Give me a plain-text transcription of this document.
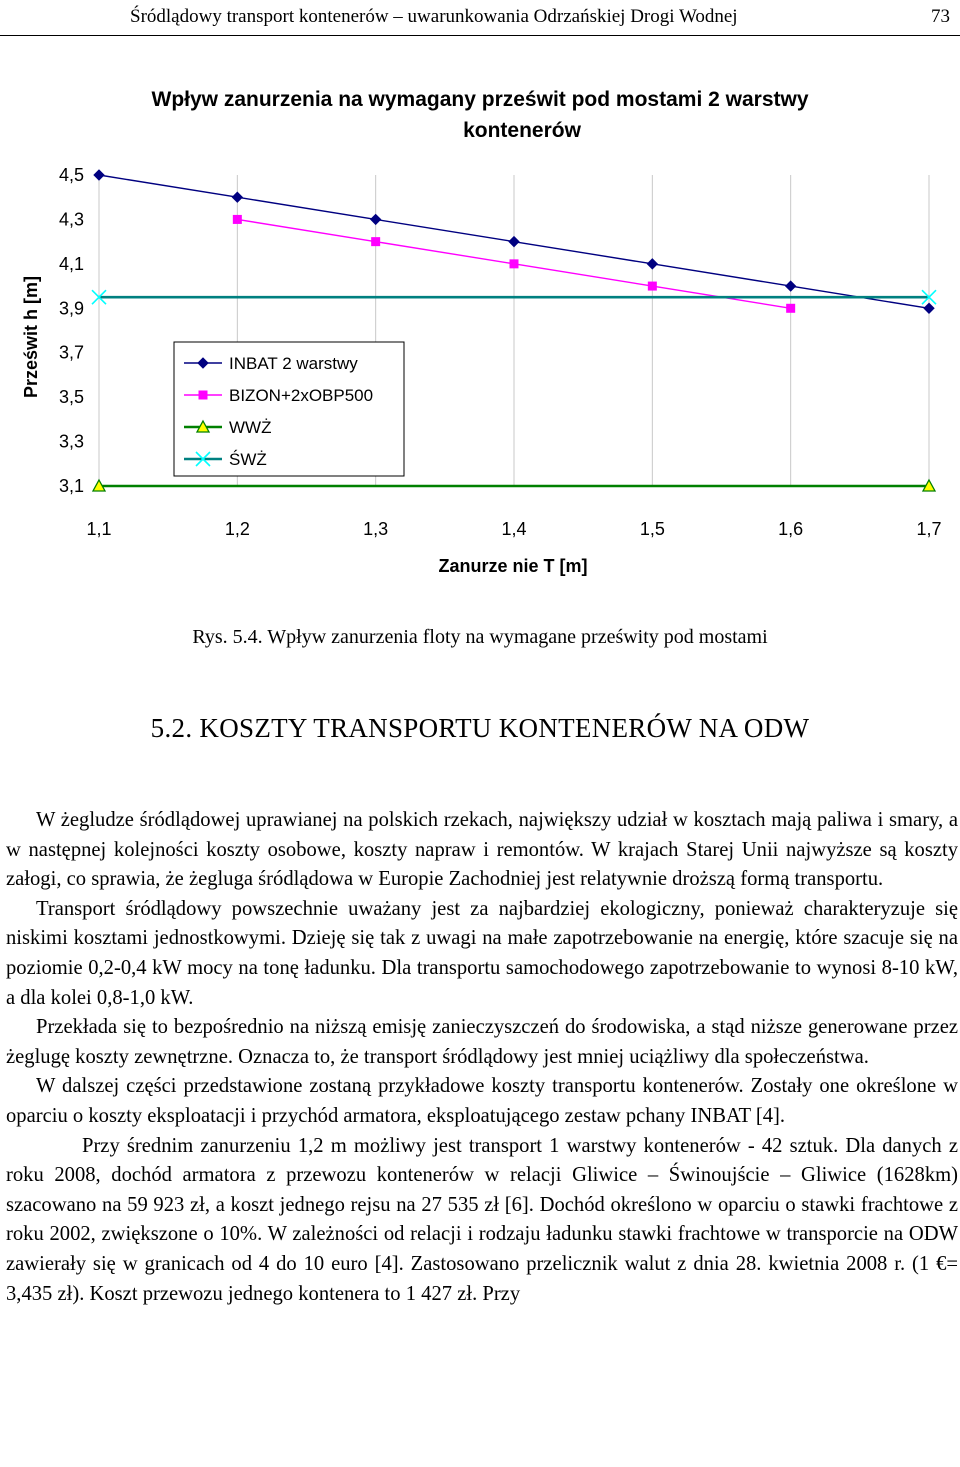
Śródlądowy transport kontenerów – uwarunkowania Odrzańskiej Drogi Wodnej	73
Wpływ zanurzenia na wymagany prześwit pod mostami 2 warstwy
kontenerów
Prześwit h [m]
Zanurze nie T [m]
1,1	1,2	1,3	1,4	1,5	1,6	1,7
3,1
3,3
3,5
3,7
3,9
4,1
4,3
4,5
INBAT 2 warstwy
BIZON+2xOBP500
WWŻ
ŚWŻ
Rys. 5.4. Wpływ zanurzenia floty na wymagane prześwity pod mostami
5.2. KOSZTY TRANSPORTU KONTENERÓW NA ODW

W żegludze śródlądowej uprawianej na polskich rzekach, największy udział w kosztach mają paliwa i smary, a w następnej kolejności koszty osobowe, koszty napraw i remontów. W krajach Starej Unii najwyższe są koszty załogi, co sprawia, że żegluga śródlądowa w Europie Zachodniej jest relatywnie droższą formą transportu.

Transport śródlądowy powszechnie uważany jest za najbardziej ekologiczny, ponieważ charakteryzuje się niskimi kosztami jednostkowymi. Dzieję się tak z uwagi na małe zapotrzebowanie na energię, które szacuje się na poziomie 0,2-0,4 kW mocy na tonę ładunku. Dla transportu samochodowego zapotrzebowanie to wynosi 8-10 kW, a dla kolei 0,8-1,0 kW.

Przekłada się to bezpośrednio na niższą emisję zanieczyszczeń do środowiska, a stąd niższe generowane przez żeglugę koszty zewnętrzne. Oznacza to, że transport śródlądowy jest mniej uciążliwy dla społeczeństwa.

W dalszej części przedstawione zostaną przykładowe koszty transportu kontenerów. Zostały one określone w oparciu o koszty eksploatacji i przychód armatora, eksploatującego zestaw pchany INBAT [4].

Przy średnim zanurzeniu 1,2 m możliwy jest transport 1 warstwy kontenerów - 42 sztuk. Dla danych z roku 2008, dochód armatora z przewozu kontenerów w relacji Gliwice – Świnoujście – Gliwice (1628km) szacowano na 59 923 zł, a koszt jednego rejsu na 27 535 zł [6]. Dochód określono w oparciu o stawki frachtowe z roku 2002, zwiększone o 10%. W zależności od relacji i rodzaju ładunku stawki frachtowe w transporcie na ODW zawierały się w granicach od 4 do 10 euro [4]. Zastosowano przelicznik walut z dnia 28. kwietnia 2008 r. (1 €= 3,435 zł). Koszt przewozu jednego kontenera to 1 427 zł. Przy
